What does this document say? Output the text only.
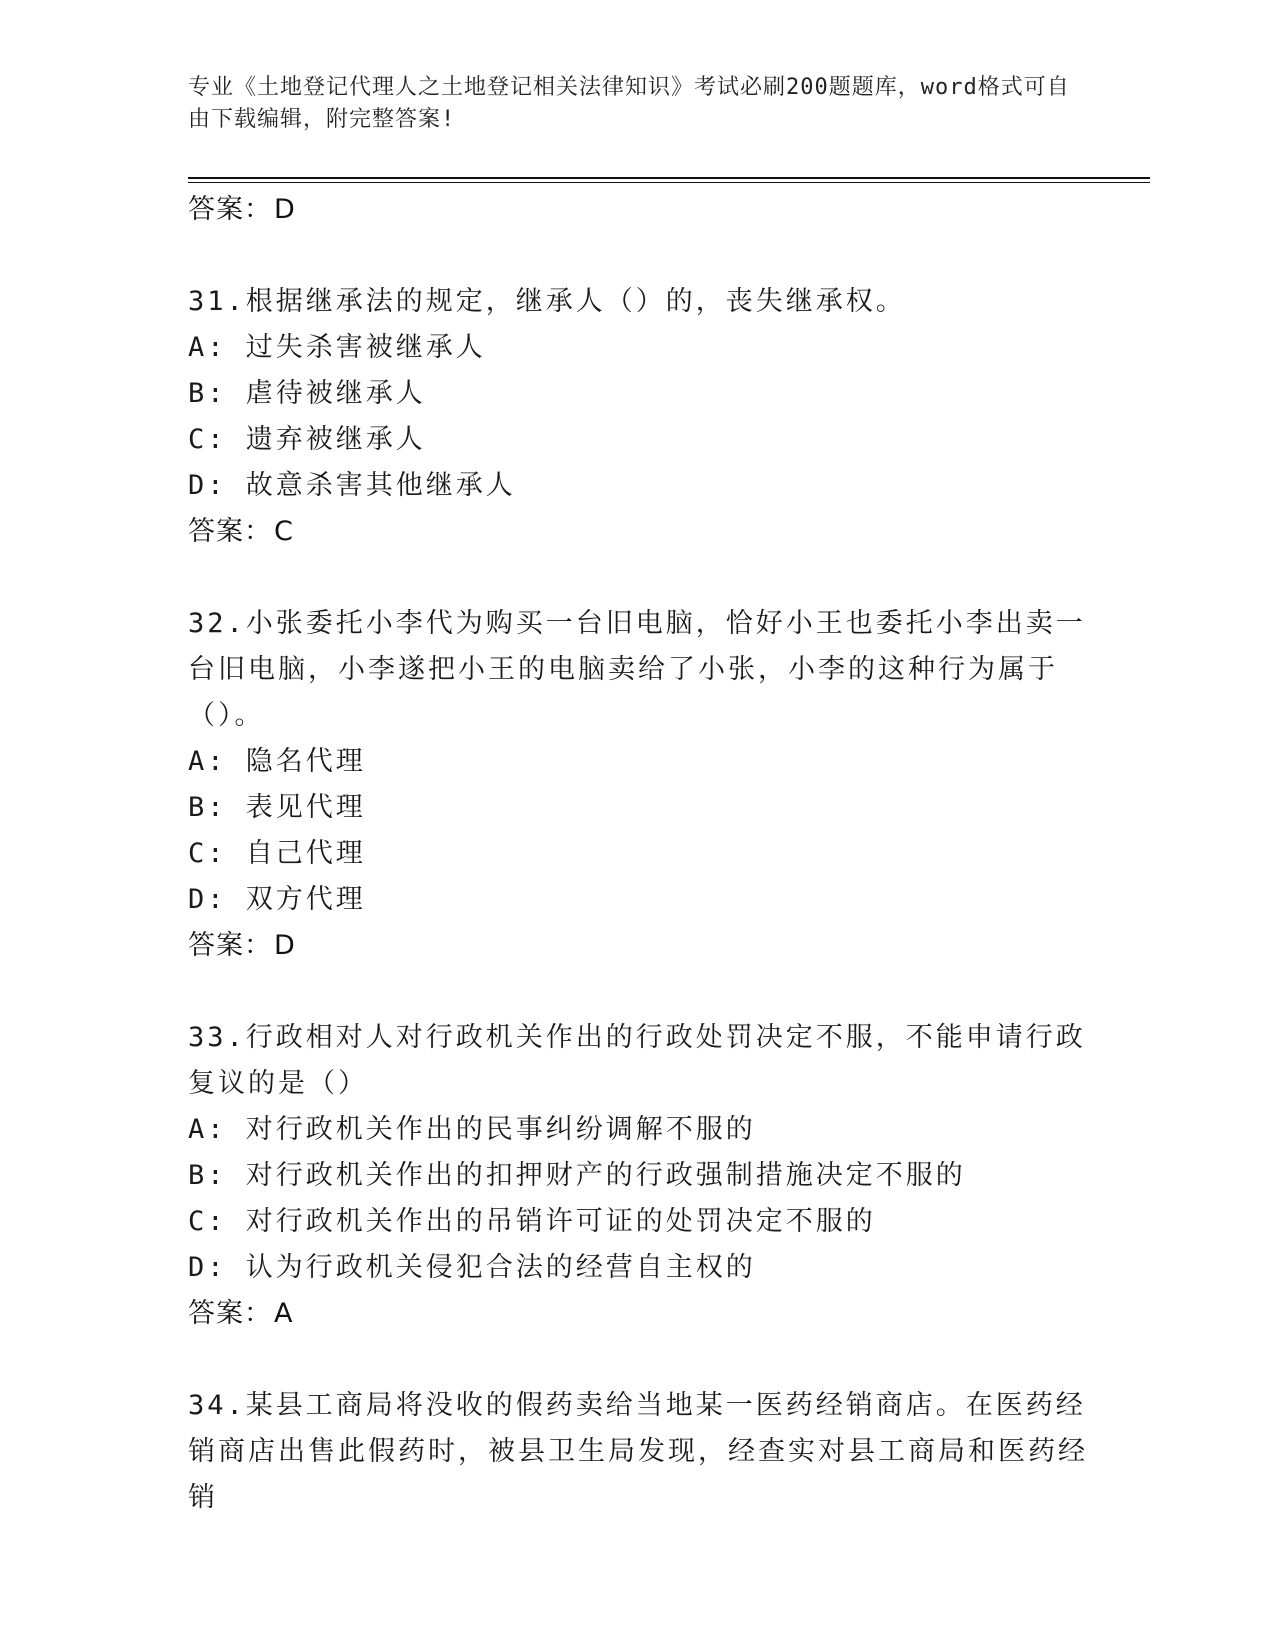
专业《土地登记代理人之土地登记相关法律知识》考试必刷200题题库，word格式可自由下载编辑，附完整答案!
答案：D
31.根据继承法的规定，继承人（）的，丧失继承权。
A: 过失杀害被继承人
B: 虐待被继承人
C: 遗弃被继承人
D: 故意杀害其他继承人
答案：C
32.小张委托小李代为购买一台旧电脑，恰好小王也委托小李出卖一台旧电脑，小李遂把小王的电脑卖给了小张，小李的这种行为属于（）。
A: 隐名代理
B: 表见代理
C: 自己代理
D: 双方代理
答案：D
33.行政相对人对行政机关作出的行政处罚决定不服，不能申请行政复议的是（）
A: 对行政机关作出的民事纠纷调解不服的
B: 对行政机关作出的扣押财产的行政强制措施决定不服的
C: 对行政机关作出的吊销许可证的处罚决定不服的
D: 认为行政机关侵犯合法的经营自主权的
答案：A
34.某县工商局将没收的假药卖给当地某一医药经销商店。在医药经销商店出售此假药时，被县卫生局发现，经查实对县工商局和医药经销
